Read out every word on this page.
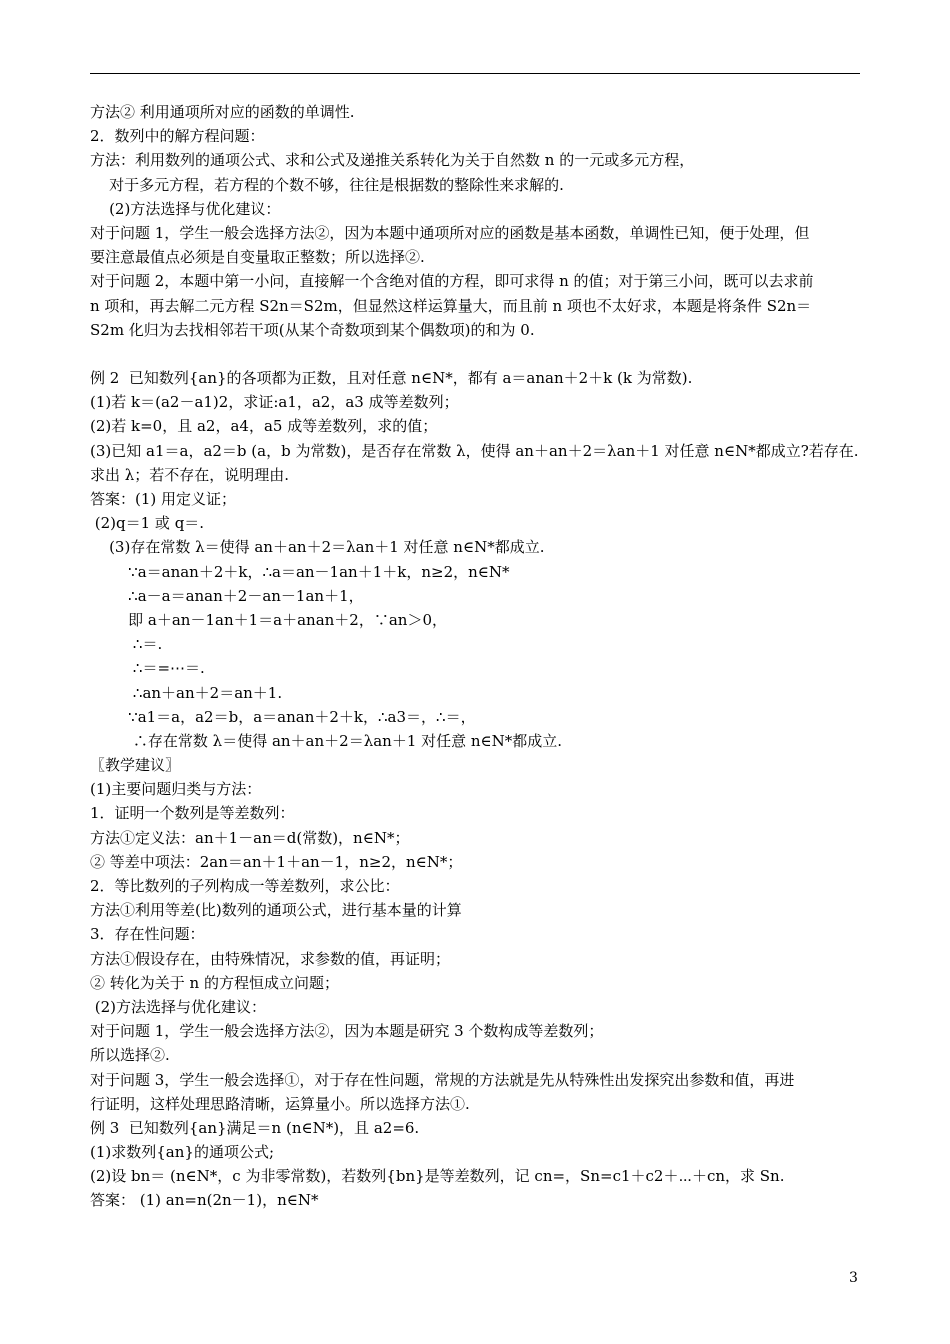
方法② 利用通项所对应的函数的单调性.
2．数列中的解方程问题：
方法：利用数列的通项公式、求和公式及递推关系转化为关于自然数 n 的一元或多元方程，
对于多元方程，若方程的个数不够，往往是根据数的整除性来求解的.
(2)方法选择与优化建议：
对于问题 1，学生一般会选择方法②，因为本题中通项所对应的函数是基本函数，单调性已知，便于处理，但
要注意最值点必须是自变量取正整数；所以选择②.
对于问题 2，本题中第一小问，直接解一个含绝对值的方程，即可求得 n 的值；对于第三小问，既可以去求前
n 项和，再去解二元方程 S2n＝S2m，但显然这样运算量大，而且前 n 项也不太好求，本题是将条件 S2n＝
S2m 化归为去找相邻若干项(从某个奇数项到某个偶数项)的和为 0.
例 2  已知数列{an}的各项都为正数，且对任意 n∈N*，都有 a＝anan＋2＋k (k 为常数).
(1)若 k＝(a2－a1)2，求证:a1，a2，a3 成等差数列；
(2)若 k=0，且 a2，a4，a5 成等差数列，求的值；
(3)已知 a1＝a，a2＝b (a，b 为常数)，是否存在常数 λ，使得 an＋an＋2＝λan＋1 对任意 n∈N*都成立?若存在.
求出 λ；若不存在，说明理由.
答案：(1) 用定义证；
(2)q＝1 或 q＝.
(3)存在常数 λ＝使得 an＋an＋2＝λan＋1 对任意 n∈N*都成立.
∵a＝anan＋2＋k，∴a＝an－1an＋1＋k，n≥2，n∈N*
∴a－a＝anan＋2－an－1an＋1，
即 a＋an－1an＋1＝a＋anan＋2，∵an＞0，
∴＝.
∴＝=⋯＝.
∴an＋an＋2＝an＋1.
∵a1＝a，a2＝b，a＝anan＋2＋k，∴a3＝，∴＝，
∴存在常数 λ＝使得 an＋an＋2＝λan＋1 对任意 n∈N*都成立.
〖教学建议〗
(1)主要问题归类与方法：
1．证明一个数列是等差数列：
方法①定义法：an＋1－an＝d(常数)，n∈N*；
② 等差中项法：2an＝an＋1＋an－1，n≥2，n∈N*；
2．等比数列的子列构成一等差数列，求公比：
方法①利用等差(比)数列的通项公式，进行基本量的计算
3．存在性问题：
方法①假设存在，由特殊情况，求参数的值，再证明；
② 转化为关于 n 的方程恒成立问题；
(2)方法选择与优化建议：
对于问题 1，学生一般会选择方法②，因为本题是研究 3 个数构成等差数列；
所以选择②.
对于问题 3，学生一般会选择①，对于存在性问题，常规的方法就是先从特殊性出发探究出参数和值，再进
行证明，这样处理思路清晰，运算量小。所以选择方法①.
例 3  已知数列{an}满足＝n (n∈N*)，且 a2=6.
(1)求数列{an}的通项公式;
(2)设 bn＝ (n∈N*，c 为非零常数)，若数列{bn}是等差数列，记 cn=，Sn=c1＋c2＋⋯＋cn，求 Sn.
答案： (1) an=n(2n－1)，n∈N*
3
